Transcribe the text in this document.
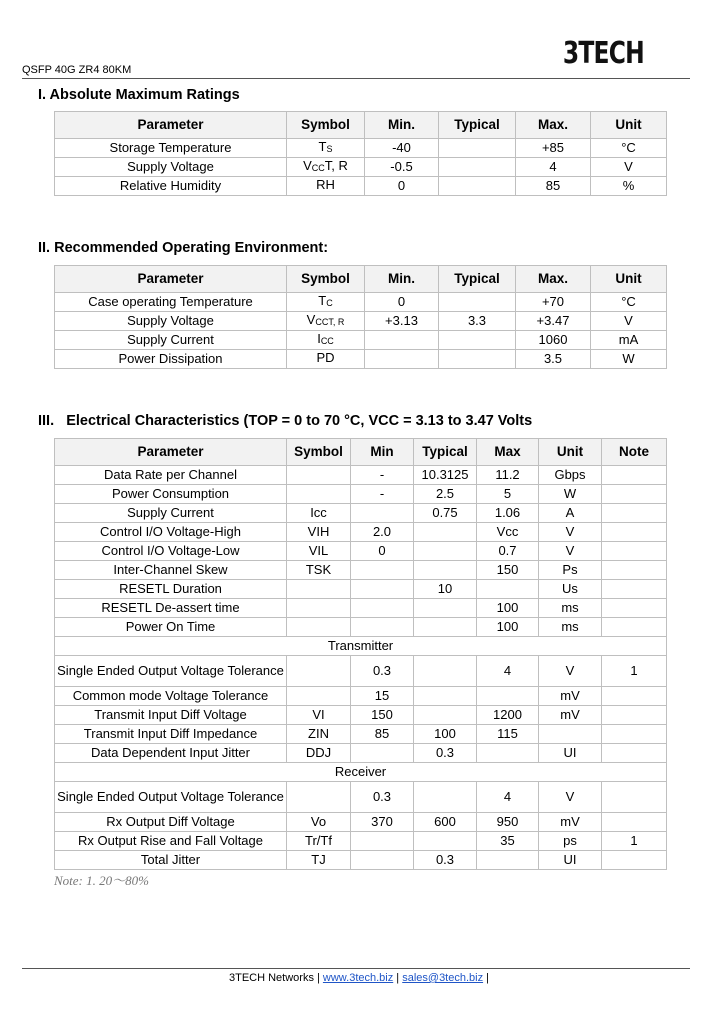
QSFP 40G ZR4 80KM	3TECH
I. Absolute Maximum Ratings
Parameter	Symbol	Min.	Typical	Max.	Unit
Storage Temperature	$T_S$	-40		+85	°C
Supply Voltage	$V_{CC}T$, R	-0.5		4	V
Relative Humidity	RH	0		85	%
II. Recommended Operating Environment:
Parameter	Symbol	Min.	Typical	Max.	Unit
Case operating Temperature	$T_C$	0		+70	°C
Supply Voltage	$V_{CCT, R}$	+3.13	3.3	+3.47	V
Supply Current	$I_{CC}$			1060	mA
Power Dissipation	PD			3.5	W
III.   Electrical Characteristics (TOP = 0 to 70 °C, VCC = 3.13 to 3.47 Volts
Parameter	Symbol	Min	Typical	Max	Unit	Note
Data Rate per Channel		-	10.3125	11.2	Gbps	
Power Consumption		-	2.5	5	W	
Supply Current	Icc		0.75	1.06	A	
Control I/O Voltage-High	VIH	2.0		Vcc	V	
Control I/O Voltage-Low	VIL	0		0.7	V	
Inter-Channel Skew	TSK			150	Ps	
RESETL Duration			10		Us	
RESETL De-assert time				100	ms	
Power On Time				100	ms	
Transmitter						
Single Ended Output Voltage Tolerance		0.3		4	V	1
Common mode Voltage Tolerance		15			mV	
Transmit Input Diff Voltage	VI	150		1200	mV	
Transmit Input Diff Impedance	ZIN	85	100	115		
Data Dependent Input Jitter	DDJ		0.3		UI	
Receiver						
Single Ended Output Voltage Tolerance		0.3		4	V	
Rx Output Diff Voltage	Vo	370	600	950	mV	
Rx Output Rise and Fall Voltage	Tr/Tf			35	ps	1
Total Jitter	TJ		0.3		UI	
Note: 1. 20～80%
3TECH Networks | www.3tech.biz | sales@3tech.biz |
